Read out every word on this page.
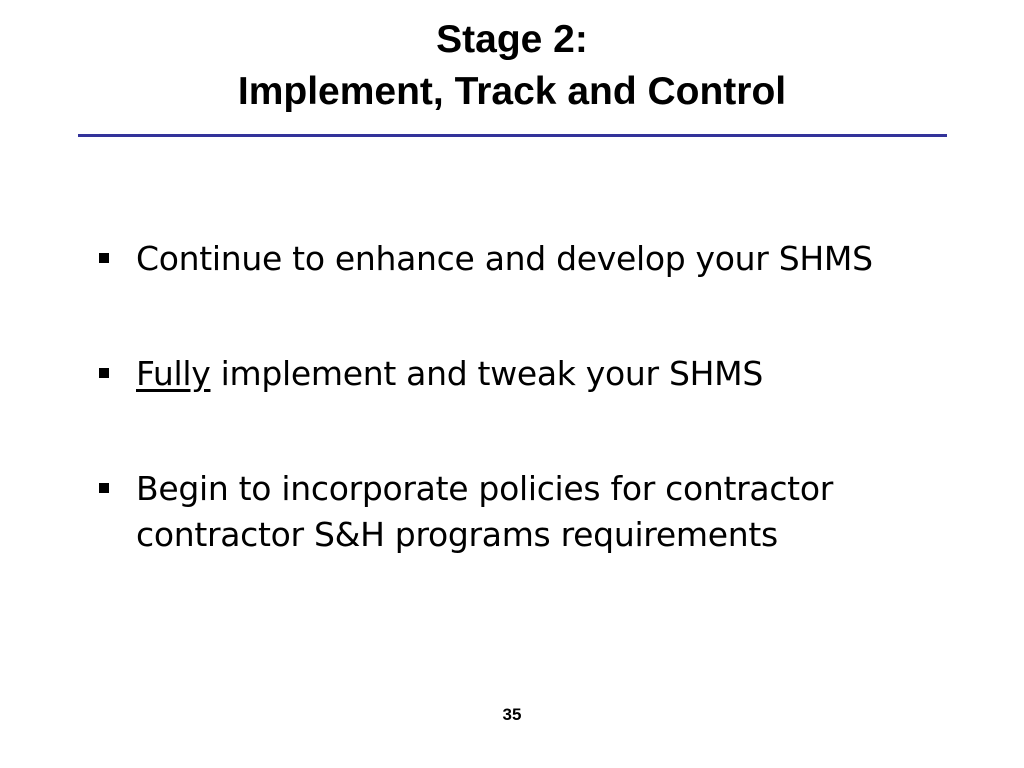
Stage 2:
Implement, Track and Control
Continue to enhance and develop your SHMS
Fully implement and tweak your SHMS
Begin to incorporate policies for contractor
contractor S&H programs requirements
35
